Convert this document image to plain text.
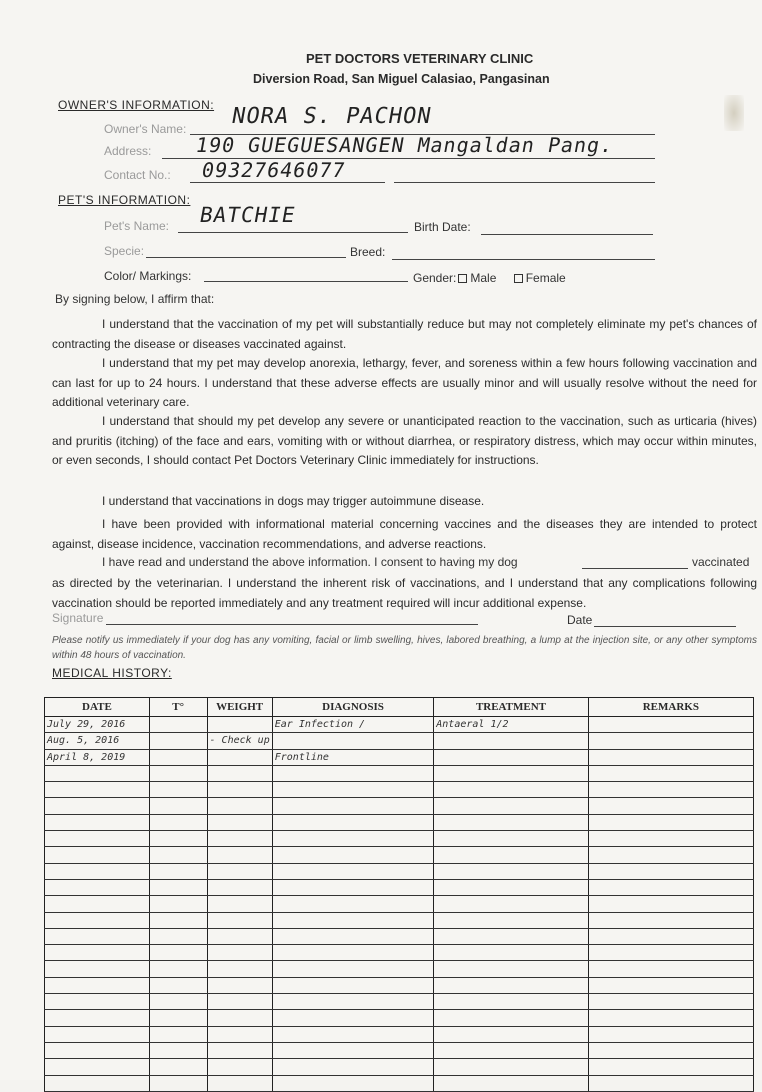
PET DOCTORS VETERINARY CLINIC
Diversion Road, San Miguel Calasiao, Pangasinan
OWNER'S INFORMATION:
Owner's Name: NORA S. PACHON
Address: 190 GUEGUESANGEN Mangaldan Pang.
Contact No.: 09327646077
PET'S INFORMATION:
Pet's Name: BATCHIE	Birth Date:
Specie:	Breed:
Color/ Markings:	Gender: Male Female
By signing below, I affirm that:
I understand that the vaccination of my pet will substantially reduce but may not completely eliminate my pet's chances of contracting the disease or diseases vaccinated against.
I understand that my pet may develop anorexia, lethargy, fever, and soreness within a few hours following vaccination and can last for up to 24 hours. I understand that these adverse effects are usually minor and will usually resolve without the need for additional veterinary care.
I understand that should my pet develop any severe or unanticipated reaction to the vaccination, such as urticaria (hives) and pruritis (itching) of the face and ears, vomiting with or without diarrhea, or respiratory distress, which may occur within minutes, or even seconds, I should contact Pet Doctors Veterinary Clinic immediately for instructions.
I understand that vaccinations in dogs may trigger autoimmune disease.
I have been provided with informational material concerning vaccines and the diseases they are intended to protect against, disease incidence, vaccination recommendations, and adverse reactions.
I have read and understand the above information. I consent to having my dog	vaccinated
as directed by the veterinarian. I understand the inherent risk of vaccinations, and I understand that any complications following vaccination should be reported immediately and any treatment required will incur additional expense.
Signature	Date
Please notify us immediately if your dog has any vomiting, facial or limb swelling, hives, labored breathing, a lump at the injection site, or any other symptoms within 48 hours of vaccination.
MEDICAL HISTORY:
DATE	T°	WEIGHT	DIAGNOSIS	TREATMENT	REMARKS
July 29, 2016			Ear Infection /	Antaeral 1/2	
Aug. 5, 2016		- Check up			
April 8, 2019			Frontline		
